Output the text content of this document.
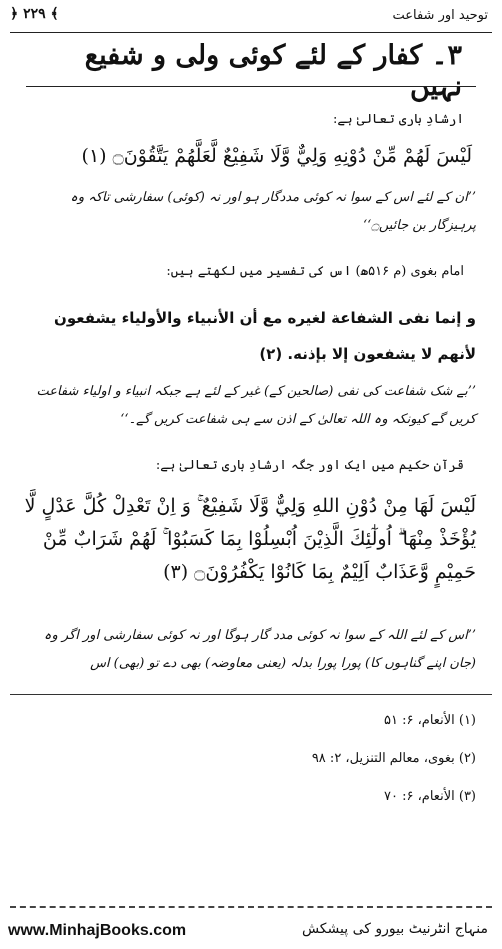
﴿ ۲۲۹ ﴾	توحید اور شفاعت
۳۔ کفار کے لئے کوئی ولی و شفیع نہیں
ارشادِ باری تعالیٰ ہے:
لَيْسَ لَهُمْ مِّنْ دُوْنِهِ وَلِيٌّ وَّلَا شَفِيْعٌ لَّعَلَّهُمْ يَتَّقُوْنَ۝ (۱)
’’ان کے لئے اس کے سوا نہ کوئی مددگار ہو اور نہ (کوئی) سفارشی تاکہ وہ پرہیزگار بن جائیں۝‘‘
امام بغوی (م ۵۱۶ھ) اس کی تفسیر میں لکھتے ہیں:
و إنما نفى الشفاعة لغيره مع أن الأنبياء والأولياء يشفعون لأنهم لا يشفعون إلا بإذنه. (۲)
’’بے شک شفاعت کی نفی (صالحین کے) غیر کے لئے ہے جبکہ انبیاء و اولیاء شفاعت کریں گے کیونکہ وہ اللہ تعالیٰ کے اذن سے ہی شفاعت کریں گے۔‘‘
قرآن حکیم میں ایک اور جگہ ارشادِ باری تعالیٰ ہے:
لَيْسَ لَهَا مِنْ دُوْنِ اللهِ وَلِيٌّ وَّلَا شَفِيْعٌ ۚ وَ اِنْ تَعْدِلْ كُلَّ عَدْلٍ لَّا يُؤْخَذْ مِنْهَا ۗ اُولٰٓئِكَ الَّذِيْنَ اُبْسِلُوْا بِمَا كَسَبُوْا ۚ لَهُمْ شَرَابٌ مِّنْ حَمِيْمٍ وَّعَذَابٌ اَلِيْمٌ بِمَا كَانُوْا يَكْفُرُوْنَ۝ (۳)
’’اس کے لئے اللہ کے سوا نہ کوئی مدد گار ہوگا اور نہ کوئی سفارشی اور اگر وہ (جان اپنے گناہوں کا) پورا پورا بدلہ (یعنی معاوضہ) بھی دے تو (بھی) اس
(۱) الأنعام، ۶: ۵۱
(۲) بغوی، معالم التنزيل، ۲: ۹۸
(۳) الأنعام، ۶: ۷۰
www.MinhajBooks.com	منہاج انٹرنیٹ بیورو کی پیشکش
